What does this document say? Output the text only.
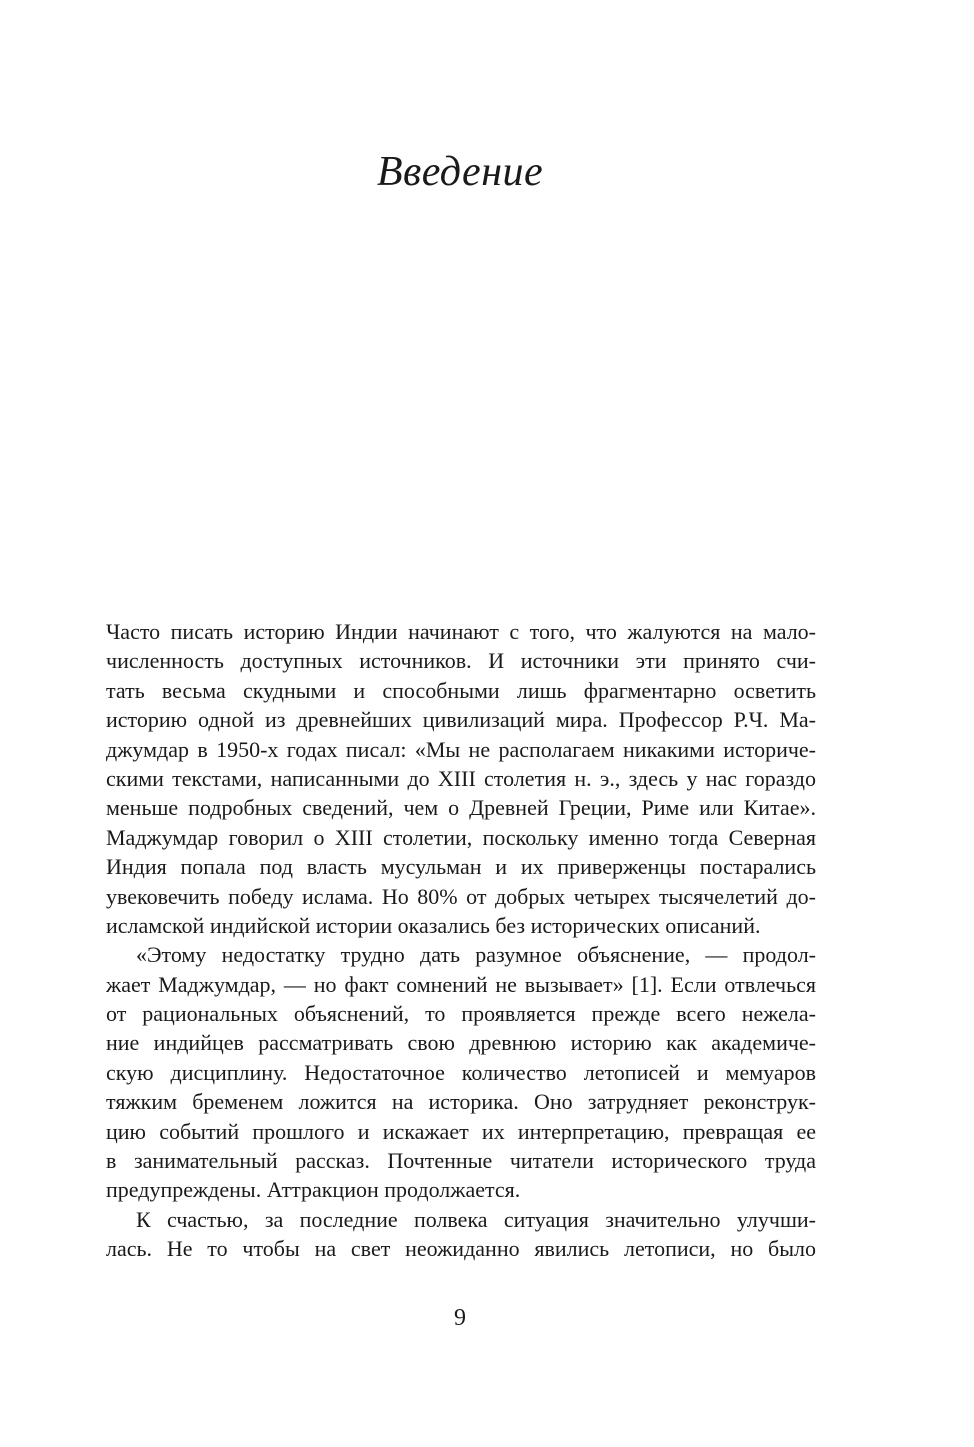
Введение
Часто писать историю Индии начинают с того, что жалуются на мало-
численность доступных источников. И источники эти принято счи-
тать весьма скудными и способными лишь фрагментарно осветить
историю одной из древнейших цивилизаций мира. Профессор Р.Ч. Ма-
джумдар в 1950-х годах писал: «Мы не располагаем никакими историче-
скими текстами, написанными до XIII столетия н. э., здесь у нас гораздо
меньше подробных сведений, чем о Древней Греции, Риме или Китае».
Маджумдар говорил о XIII столетии, поскольку именно тогда Северная
Индия попала под власть мусульман и их приверженцы постарались
увековечить победу ислама. Но 80% от добрых четырех тысячелетий до-
исламской индийской истории оказались без исторических описаний.
«Этому недостатку трудно дать разумное объяснение, — продол-
жает Маджумдар, — но факт сомнений не вызывает» [1]. Если отвлечься
от рациональных объяснений, то проявляется прежде всего нежела-
ние индийцев рассматривать свою древнюю историю как академиче-
скую дисциплину. Недостаточное количество летописей и мемуаров
тяжким бременем ложится на историка. Оно затрудняет реконструк-
цию событий прошлого и искажает их интерпретацию, превращая ее
в занимательный рассказ. Почтенные читатели исторического труда
предупреждены. Аттракцион продолжается.
К счастью, за последние полвека ситуация значительно улучши-
лась. Не то чтобы на свет неожиданно явились летописи, но было
9
